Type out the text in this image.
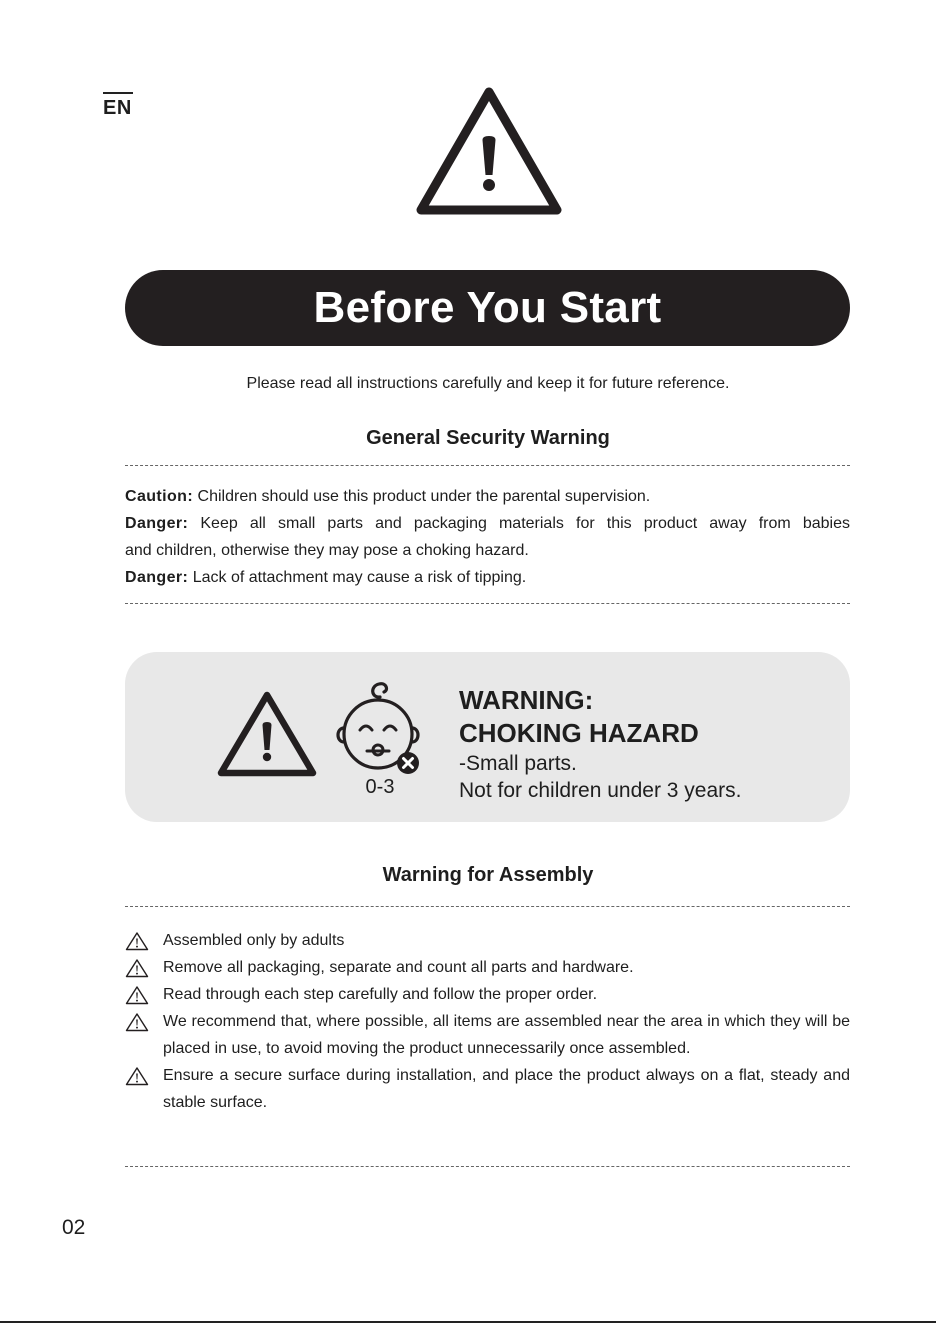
EN
Before You Start
Please read all instructions carefully and keep it for future reference.
General Security Warning
Caution: Children should use this product under the parental supervision.
Danger: Keep all small parts and packaging materials for this product away from babies
and children, otherwise they may pose a choking hazard.
Danger: Lack of attachment may cause a risk of tipping.
0-3
WARNING:
CHOKING HAZARD
-Small parts.
Not for children under 3 years.
Warning for Assembly
Assembled only by adults
Remove all packaging, separate and count all parts and hardware.
Read through each step carefully and follow the proper order.
We recommend that, where possible, all items are assembled near the area in which they will be placed in use, to avoid moving the product unnecessarily once assembled.
Ensure a secure surface during installation, and place the product always on a flat, steady and stable surface.
02
